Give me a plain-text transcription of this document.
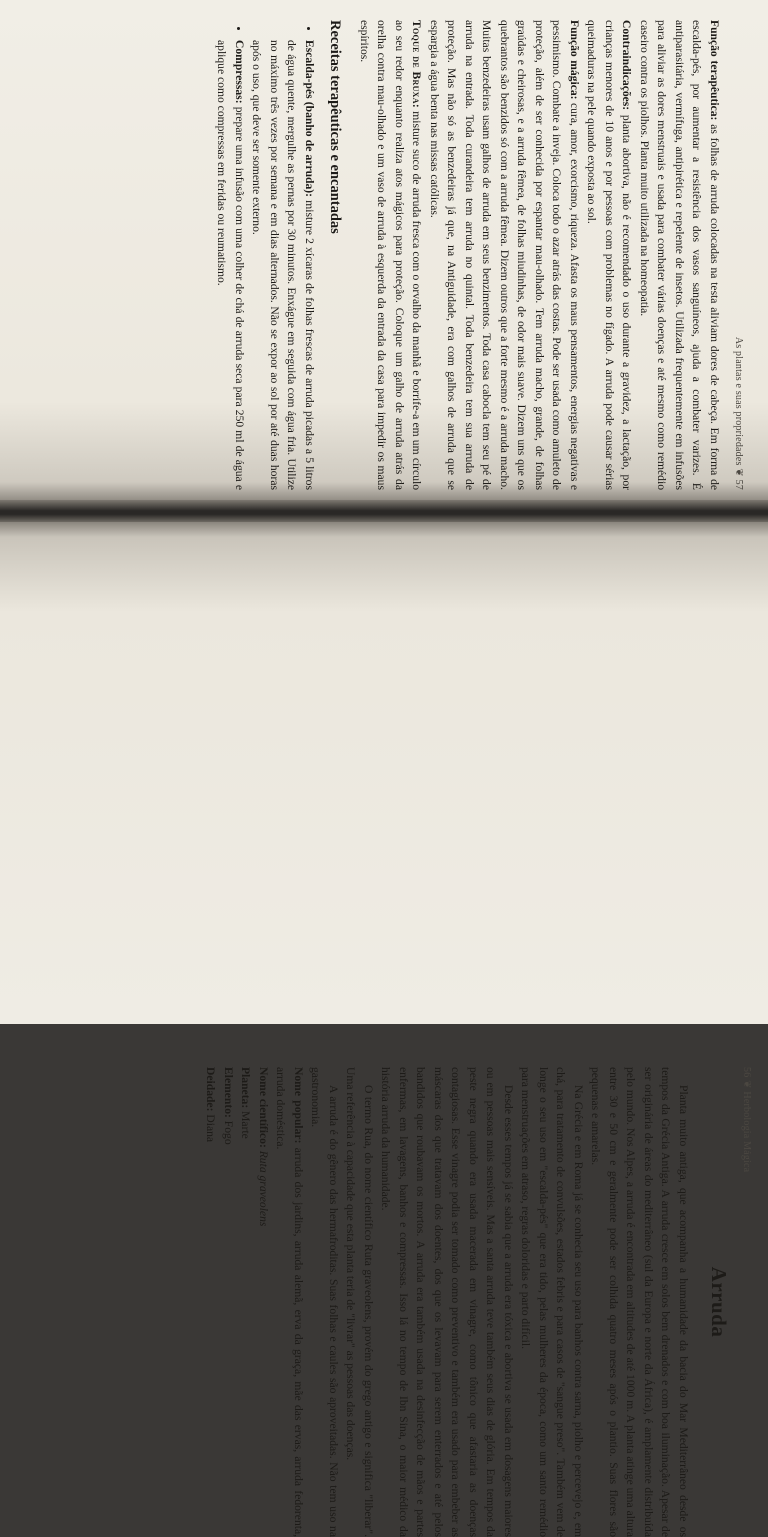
As plantas e suas propriedades ❦ 57

Função terapêutica: as folhas de arruda colocadas na testa aliviam dores de cabeça. Em forma de escalda-pés, por aumentar a resistência dos vasos sanguíneos, ajuda a combater varizes. É antiparasitária, vermífuga, antipirética e repelente de insetos. Utilizada frequentemente em infusões para aliviar as dores menstruais e usada para combater várias doenças e até mesmo como remédio caseiro contra os piolhos. Planta muito utilizada na homeopatia.

Contraindicações: planta abortiva, não é recomendado o uso durante a gravidez, a lactação, por crianças menores de 10 anos e por pessoas com problemas no fígado. A arruda pode causar sérias queimaduras na pele quando exposta ao sol.

Função mágica: cura, amor, exorcismo, riqueza. Afasta os maus pensamentos, energias negativas e pessimismo. Combate a inveja. Coloca todo o azar atrás das costas. Pode ser usada como amuleto de proteção, além de ser conhecida por espantar mau-olhado. Tem arruda macho, grande, de folhas graúdas e cheirosas, e a arruda fêmea, de folhas miudinhas, de odor mais suave. Dizem uns que os quebrantos são benzidos só com a arruda fêmea. Dizem outros que a forte mesmo é a arruda macho. Muitas benzedeiras usam galhos de arruda em seus benzimentos. Toda casa cabocla tem seu pé de arruda na entrada. Toda curandeira tem arruda no quintal. Toda benzedeira tem sua arruda de proteção. Mas não só as benzedeiras já que, na Antiguidade, era com galhos de arruda que se espargia a água benta nas missas católicas.

Toque de Bruxa: misture suco de arruda fresca com o orvalho da manhã e borrife-a em um círculo ao seu redor enquanto realiza atos mágicos para proteção. Coloque um galho de arruda atrás da orelha contra mau-olhado e um vaso de arruda à esquerda da entrada da casa para impedir os maus espíritos.

Receitas terapêuticas e encantadas
• Escalda-pés (banho de arruda): misture 2 xícaras de folhas frescas de arruda picadas a 5 litros de água quente, mergulhe as pernas por 30 minutos. Enxágue em seguida com água fria. Utilize no máximo três vezes por semana e em dias alternados. Não se expor ao sol por até duas horas após o uso, que deve ser somente externo.
• Compressas: prepare uma infusão com uma colher de chá de arruda seca para 250 ml de água e aplique como compressas em feridas ou reumatismo.
56 ❦ Herbologia Mágica
Arruda

Planta muito antiga, que acompanha a humanidade da bacia do Mar Mediterrâneo desde os tempos da Grécia Antiga. A arruda cresce em solos bem drenados e com boa iluminação. Apesar de ser originária de áreas do mediterrâneo (sul da Europa e norte da África), é amplamente distribuída pelo mundo. Nos Alpes, a arruda é encontrada em altitudes de até 1000 m. A planta atinge uma altura entre 30 e 50 cm e geralmente pode ser colhida quatro meses após o plantio. Suas flores são pequenas e amarelas.

Na Grécia e em Roma já se conhecia seu uso para banhos contra sarna, piolho e percevejo e, em chá, para tratamento de convulsões, estados febris e para casos de "sangue preso". Também vem de longe o seu uso em "escalda-pés" que era tido, pelas mulheres da época, como um santo remédio para menstruações em atraso, regras doloridas e parto difícil.

Desde esses tempos já se sabia que a arruda era tóxica e abortiva se usada em dosagens maiores ou em pessoas mais sensíveis. Mas a santa arruda teve também seus dias de glória. Em tempos da peste negra quando era usada macerada em vinagre, como tônico que afastaria as doenças contagiosas. Esse vinagre podia ser tomado como preventivo e também era usado para embeber as máscaras dos que tratavam dos doentes, dos que os levavam para serem enterrados e até pelos bandidos que roubavam os mortos. A arruda era também usada na desinfecção de mãos e partes enfermas, em lavagens, banhos e compressas. Isso lá no tempo de Ibn Sina, o maior médico da história arruda da humanidade.

O termo Rua, do nome científico Ruta graveolens, provém do grego antigo e significa "liberar". Uma referência à capacidade que esta planta teria de "livrar" as pessoas das doenças.

A arruda é do gênero das hermafroditas. Suas folhas e caules são aproveitadas. Não tem uso na gastronomia.

Nome popular: arruda dos jardins, arruda alemã, erva da graça, mãe das ervas, arruda fedorenta, arruda doméstica.

Nome científico: Ruta graveolens

Planeta: Marte

Elemento: Fogo

Deidade: Diana
